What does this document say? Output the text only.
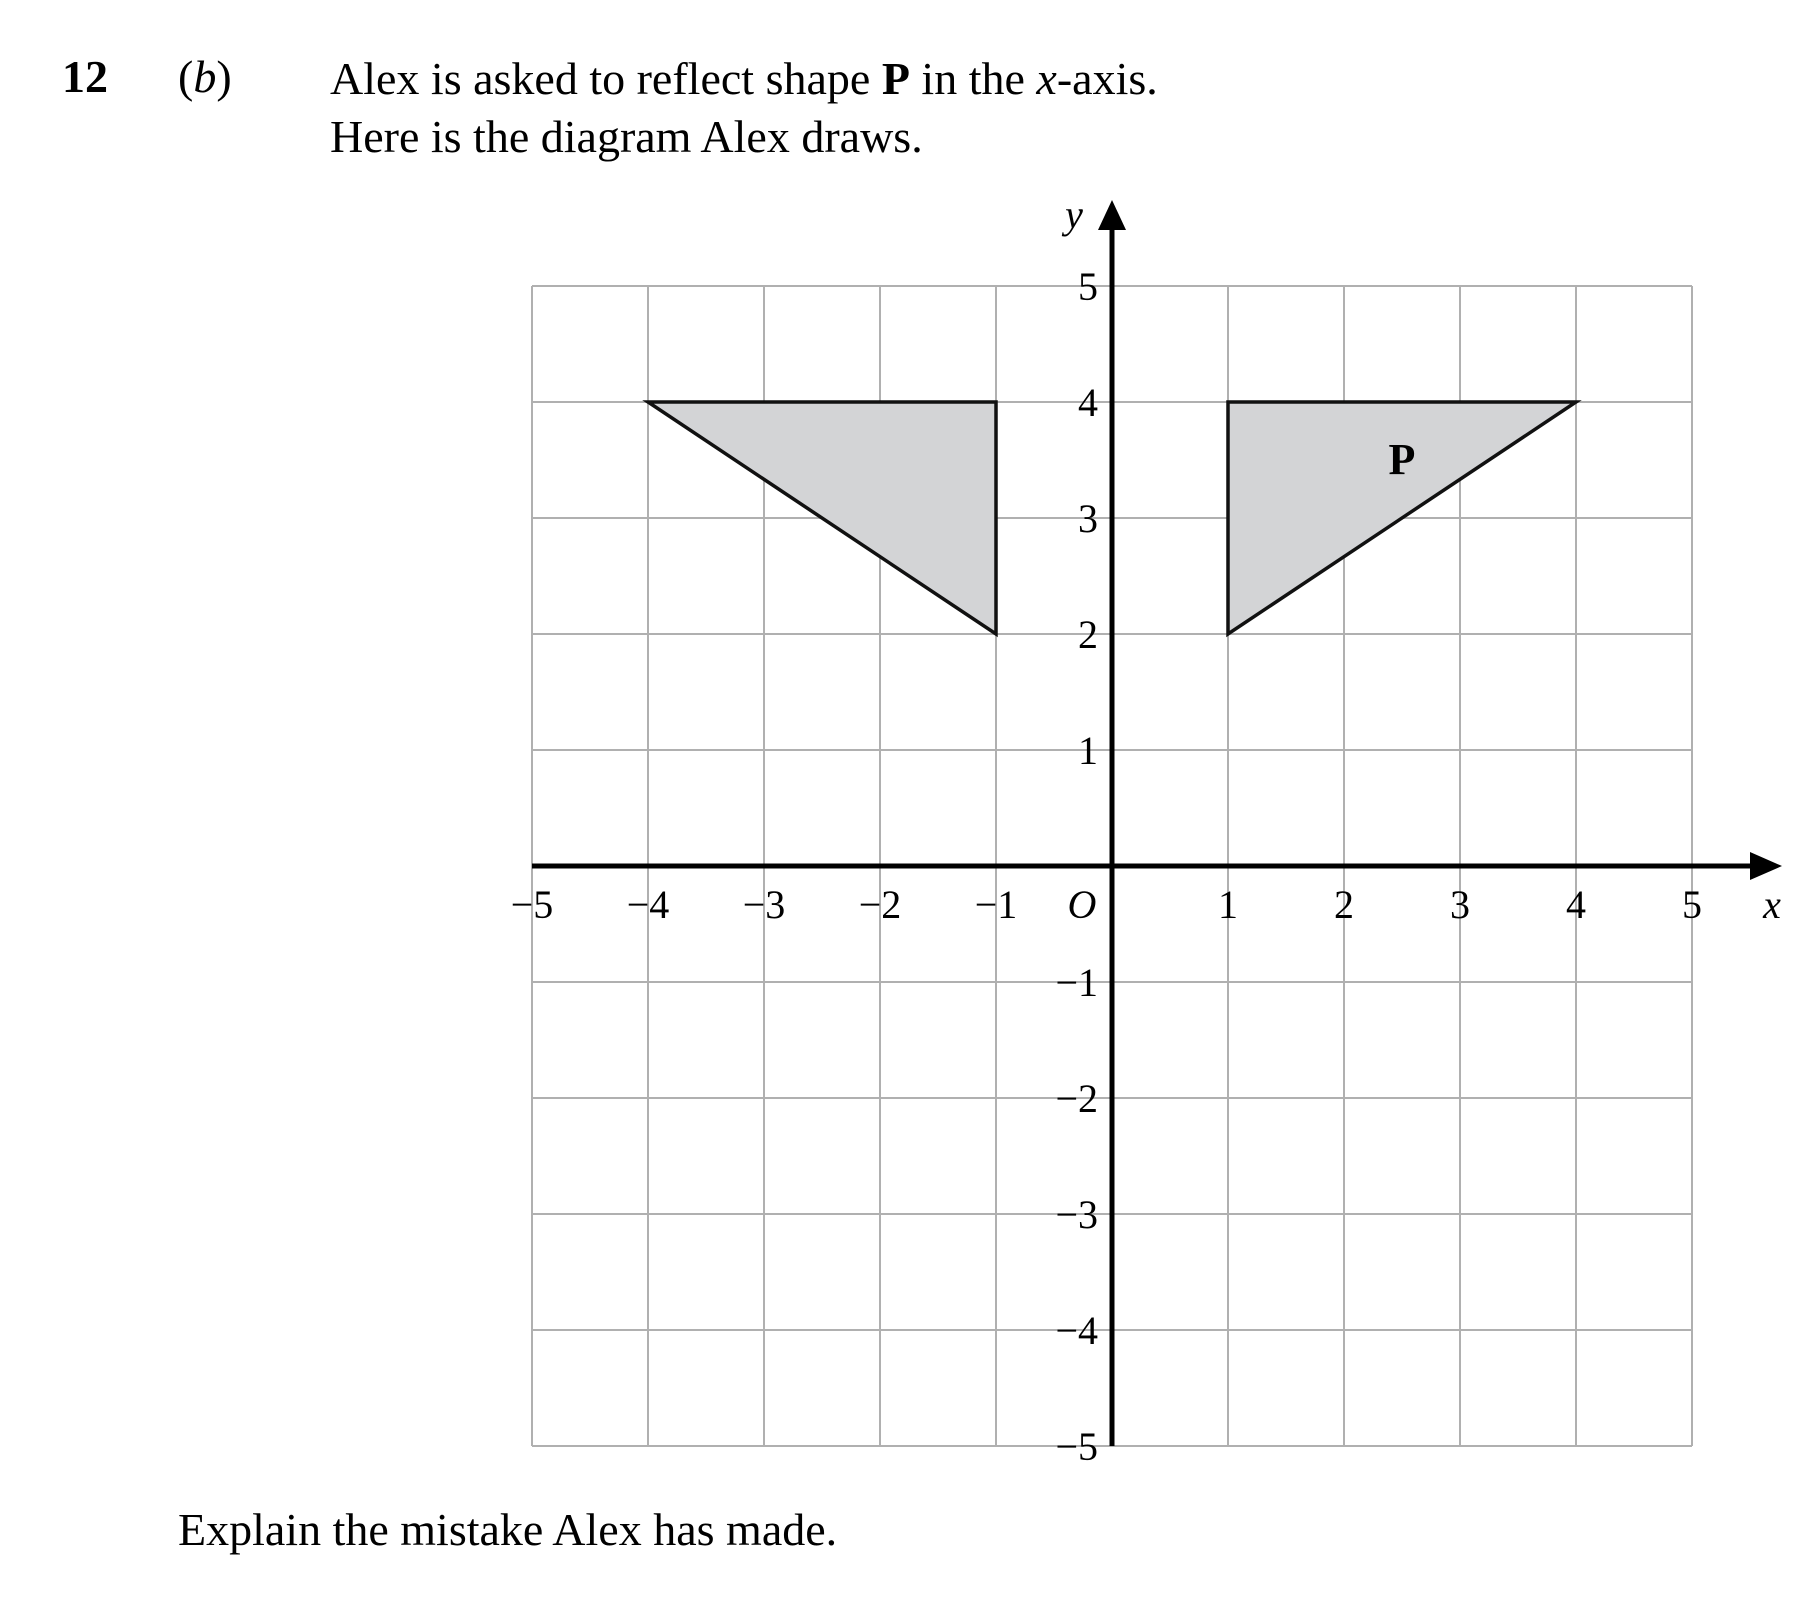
12 (b) Alex is asked to reflect shape P in the x-axis.
Here is the diagram Alex draws.
P
−5 −4 −3 −2 −1	1 2 3 4 5
5
4
3
2
1
−1
−2
−3
−4
−5
O	x
y
Explain the mistake Alex has made.
